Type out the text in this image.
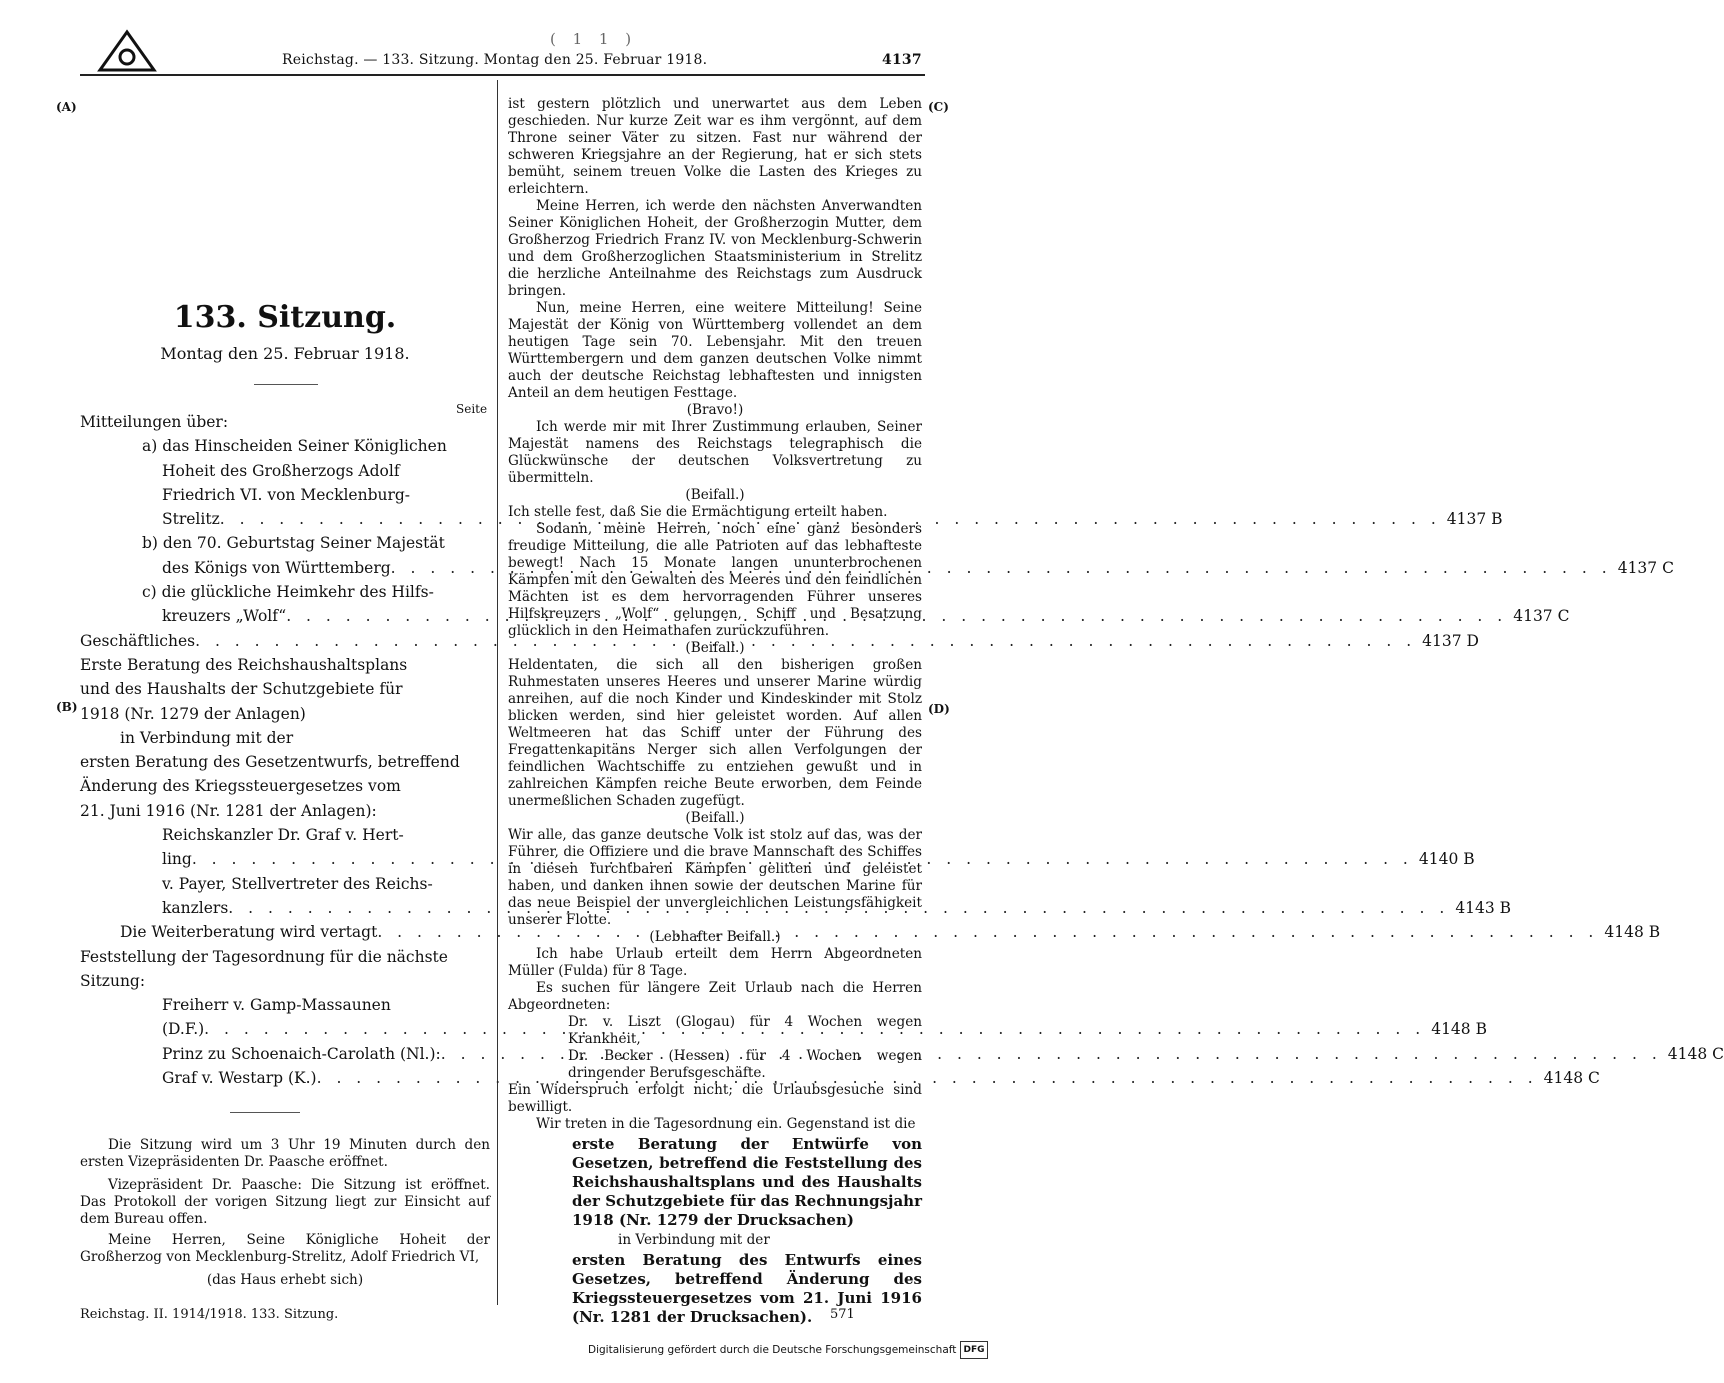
Reichstag. — 133. Sitzung. Montag den 25. Februar 1918.	4137
( 1 1 )
(A)
(B)
(C)
(D)
133. Sitzung.
Montag den 25. Februar 1918.
Seite
Mitteilungen über:
a) das Hinscheiden Seiner Königlichen
Hoheit des Großherzogs Adolf
Friedrich VI. von Mecklenburg-
Strelitz . . .	4137 B
b) den 70. Geburtstag Seiner Majestät
des Königs von Württemberg . . .	4137 C
c) die glückliche Heimkehr des Hilfs-
kreuzers „Wolf“ . . .	4137 C
Geschäftliches . . .	4137 D
Erste Beratung des Reichshaushaltsplans
und des Haushalts der Schutzgebiete für
1918 (Nr. 1279 der Anlagen)
in Verbindung mit der
ersten Beratung des Gesetzentwurfs, betreffend
Änderung des Kriegssteuergesetzes vom
21. Juni 1916 (Nr. 1281 der Anlagen):
Reichskanzler Dr. Graf v. Hert-
ling . . .	4140 B
v. Payer, Stellvertreter des Reichs-
kanzlers . . .	4143 B
Die Weiterberatung wird vertagt . . .	4148 B
Feststellung der Tagesordnung für die nächste
Sitzung:
Freiherr v. Gamp-Massaunen
(D.F.) . . .	4148 B
Prinz zu Schoenaich-Carolath (Nl.): . . .	4148 C
Graf v. Westarp (K.) . . .	4148 C

Die Sitzung wird um 3 Uhr 19 Minuten durch den ersten Vizepräsidenten Dr. Paasche eröffnet.

Vizepräsident Dr. Paasche: Die Sitzung ist eröffnet. Das Protokoll der vorigen Sitzung liegt zur Einsicht auf dem Bureau offen.

Meine Herren, Seine Königliche Hoheit der Großherzog von Mecklenburg-Strelitz, Adolf Friedrich VI,

(das Haus erhebt sich)

Reichstag. II. 1914/1918. 133. Sitzung.

ist gestern plötzlich und unerwartet aus dem Leben geschieden. Nur kurze Zeit war es ihm vergönnt, auf dem Throne seiner Väter zu sitzen. Fast nur während der schweren Kriegsjahre an der Regierung, hat er sich stets bemüht, seinem treuen Volke die Lasten des Krieges zu erleichtern.

Meine Herren, ich werde den nächsten Anverwandten Seiner Königlichen Hoheit, der Großherzogin Mutter, dem Großherzog Friedrich Franz IV. von Mecklenburg-Schwerin und dem Großherzoglichen Staatsministerium in Strelitz die herzliche Anteilnahme des Reichstags zum Ausdruck bringen.

Nun, meine Herren, eine weitere Mitteilung! Seine Majestät der König von Württemberg vollendet an dem heutigen Tage sein 70. Lebensjahr. Mit den treuen Württembergern und dem ganzen deutschen Volke nimmt auch der deutsche Reichstag lebhaftesten und innigsten Anteil an dem heutigen Festtage.

(Bravo!)

Ich werde mir mit Ihrer Zustimmung erlauben, Seiner Majestät namens des Reichstags telegraphisch die Glückwünsche der deutschen Volksvertretung zu übermitteln.

(Beifall.)

Ich stelle fest, daß Sie die Ermächtigung erteilt haben.

Sodann, meine Herren, noch eine ganz besonders freudige Mitteilung, die alle Patrioten auf das lebhafteste bewegt! Nach 15 Monate langen ununterbrochenen Kämpfen mit den Gewalten des Meeres und den feindlichen Mächten ist es dem hervorragenden Führer unseres Hilfskreuzers „Wolf“ gelungen, Schiff und Besatzung glücklich in den Heimathafen zurückzuführen.

(Beifall.)

Heldentaten, die sich all den bisherigen großen Ruhmestaten unseres Heeres und unserer Marine würdig anreihen, auf die noch Kinder und Kindeskinder mit Stolz blicken werden, sind hier geleistet worden. Auf allen Weltmeeren hat das Schiff unter der Führung des Fregattenkapitäns Nerger sich allen Verfolgungen der feindlichen Wachtschiffe zu entziehen gewußt und in zahlreichen Kämpfen reiche Beute erworben, dem Feinde unermeßlichen Schaden zugefügt.

(Beifall.)

Wir alle, das ganze deutsche Volk ist stolz auf das, was der Führer, die Offiziere und die brave Mannschaft des Schiffes in diesen furchtbaren Kämpfen gelitten und geleistet haben, und danken ihnen sowie der deutschen Marine für das neue Beispiel der unvergleichlichen Leistungsfähigkeit unserer Flotte.

(Lebhafter Beifall.)

Ich habe Urlaub erteilt dem Herrn Abgeordneten Müller (Fulda) für 8 Tage.

Es suchen für längere Zeit Urlaub nach die Herren Abgeordneten:

Dr. v. Liszt (Glogau) für 4 Wochen wegen Krankheit,

Dr. Becker (Hessen) für 4 Wochen wegen dringender Berufsgeschäfte.

Ein Widerspruch erfolgt nicht; die Urlaubsgesuche sind bewilligt.

Wir treten in die Tagesordnung ein. Gegenstand ist die

erste Beratung der Entwürfe von Gesetzen, betreffend die Feststellung des Reichshaushaltsplans und des Haushalts der Schutzgebiete für das Rechnungsjahr 1918 (Nr. 1279 der Drucksachen)

in Verbindung mit der

ersten Beratung des Entwurfs eines Gesetzes, betreffend Änderung des Kriegssteuergesetzes vom 21. Juni 1916 (Nr. 1281 der Drucksachen).	571
Digitalisierung gefördert durch die Deutsche Forschungsgemeinschaft DFG
